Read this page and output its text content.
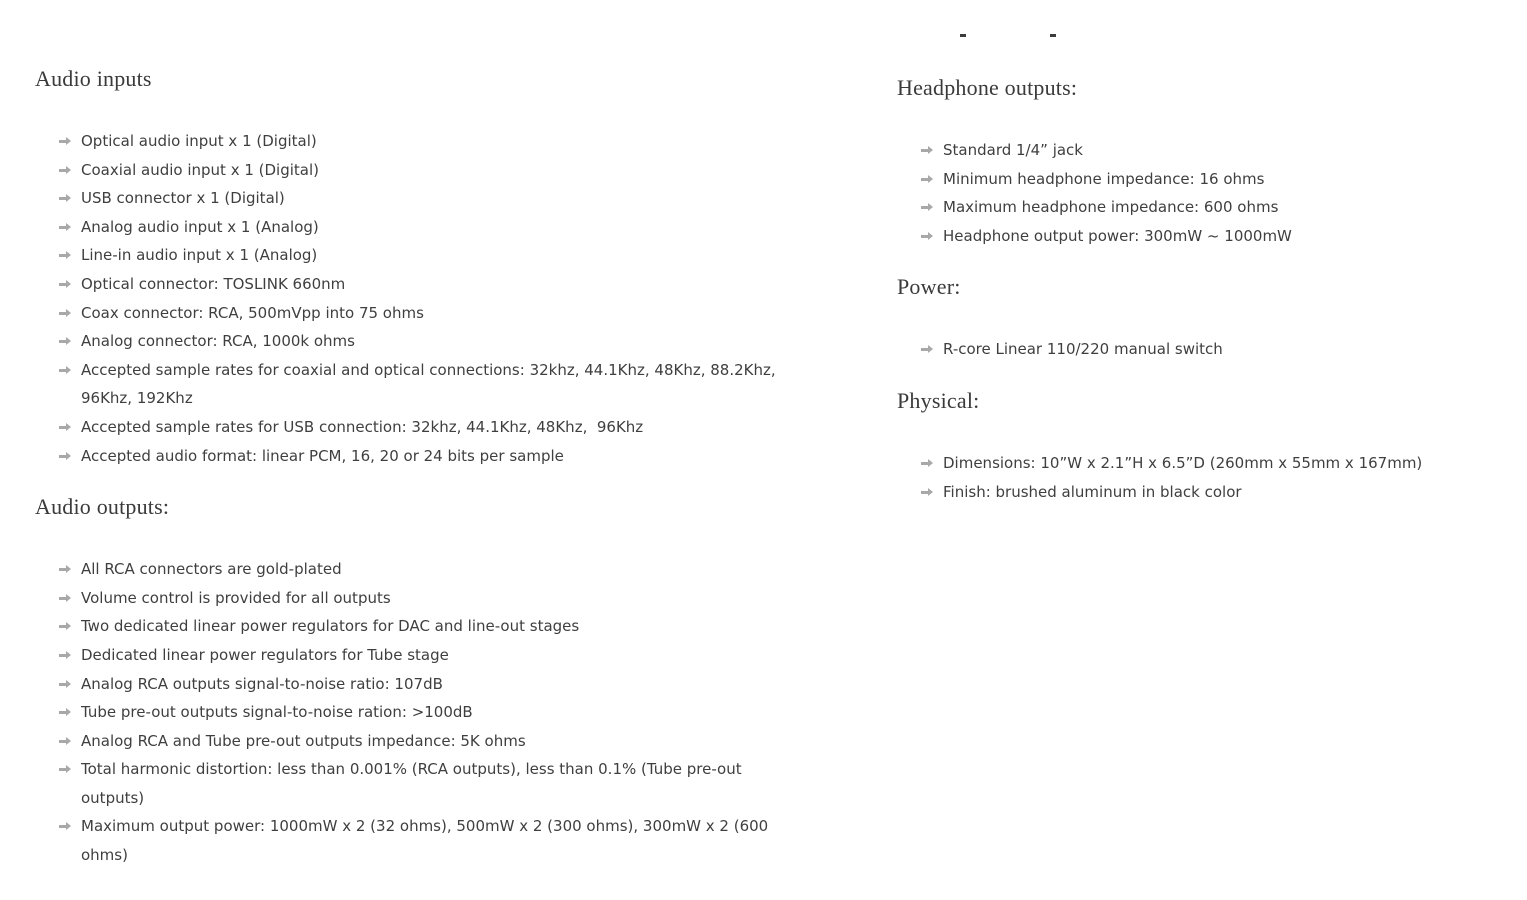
Audio inputs
Optical audio input x 1 (Digital)
Coaxial audio input x 1 (Digital)
USB connector x 1 (Digital)
Analog audio input x 1 (Analog)
Line-in audio input x 1 (Analog)
Optical connector: TOSLINK 660nm
Coax connector: RCA, 500mVpp into 75 ohms
Analog connector: RCA, 1000k ohms
Accepted sample rates for coaxial and optical connections: 32khz, 44.1Khz, 48Khz, 88.2Khz, 96Khz, 192Khz
Accepted sample rates for USB connection: 32khz, 44.1Khz, 48Khz,  96Khz
Accepted audio format: linear PCM, 16, 20 or 24 bits per sample
Audio outputs:
All RCA connectors are gold-plated
Volume control is provided for all outputs
Two dedicated linear power regulators for DAC and line-out stages
Dedicated linear power regulators for Tube stage
Analog RCA outputs signal-to-noise ratio: 107dB
Tube pre-out outputs signal-to-noise ration: >100dB
Analog RCA and Tube pre-out outputs impedance: 5K ohms
Total harmonic distortion: less than 0.001% (RCA outputs), less than 0.1% (Tube pre-out outputs)
Maximum output power: 1000mW x 2 (32 ohms), 500mW x 2 (300 ohms), 300mW x 2 (600 ohms)
Headphone outputs:
Standard 1/4” jack
Minimum headphone impedance: 16 ohms
Maximum headphone impedance: 600 ohms
Headphone output power: 300mW ~ 1000mW
Power:
R-core Linear 110/220 manual switch
Physical:
Dimensions: 10”W x 2.1”H x 6.5”D (260mm x 55mm x 167mm)
Finish: brushed aluminum in black color
